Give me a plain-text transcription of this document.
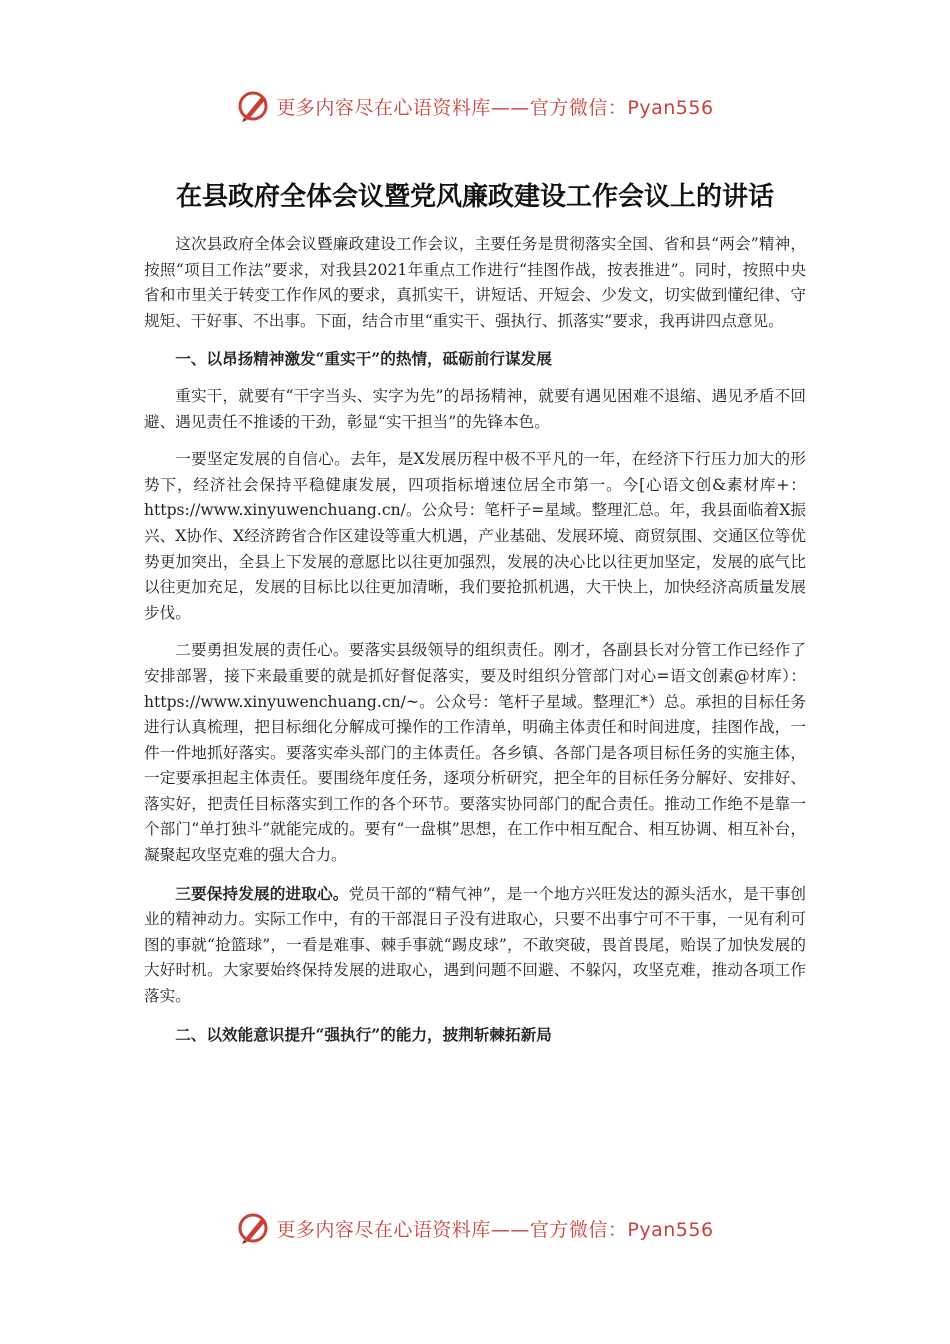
更多内容尽在心语资料库——官方微信：Pyan556
在县政府全体会议暨党风廉政建设工作会议上的讲话

这次县政府全体会议暨廉政建设工作会议，主要任务是贯彻落实全国、省和县“两会”精神，按照“项目工作法”要求，对我县2021年重点工作进行“挂图作战，按表推进”。同时，按照中央省和市里关于转变工作作风的要求，真抓实干，讲短话、开短会、少发文，切实做到懂纪律、守规矩、干好事、不出事。下面，结合市里“重实干、强执行、抓落实”要求，我再讲四点意见。

一、以昂扬精神激发“重实干”的热情，砥砺前行谋发展

重实干，就要有“干字当头、实字为先”的昂扬精神，就要有遇见困难不退缩、遇见矛盾不回避、遇见责任不推诿的干劲，彰显“实干担当”的先锋本色。

一要坚定发展的自信心。去年，是X发展历程中极不平凡的一年，在经济下行压力加大的形势下，经济社会保持平稳健康发展，四项指标增速位居全市第一。今[心语文创&素材库+：https://www.xinyuwenchuang.cn/。公众号：笔杆子=星域。整理汇总。年，我县面临着X振兴、X协作、X经济跨省合作区建设等重大机遇，产业基础、发展环境、商贸氛围、交通区位等优势更加突出，全县上下发展的意愿比以往更加强烈，发展的决心比以往更加坚定，发展的底气比以往更加充足，发展的目标比以往更加清晰，我们要抢抓机遇，大干快上，加快经济高质量发展步伐。

二要勇担发展的责任心。要落实县级领导的组织责任。刚才，各副县长对分管工作已经作了安排部署，接下来最重要的就是抓好督促落实，要及时组织分管部门对心=语文创素@材库）：https://www.xinyuwenchuang.cn/~。公众号：笔杆子星域。整理汇*）总。承担的目标任务进行认真梳理，把目标细化分解成可操作的工作清单，明确主体责任和时间进度，挂图作战，一件一件地抓好落实。要落实牵头部门的主体责任。各乡镇、各部门是各项目标任务的实施主体，一定要承担起主体责任。要围绕年度任务，逐项分析研究，把全年的目标任务分解好、安排好、落实好，把责任目标落实到工作的各个环节。要落实协同部门的配合责任。推动工作绝不是靠一个部门“单打独斗”就能完成的。要有“一盘棋”思想，在工作中相互配合、相互协调、相互补台，凝聚起攻坚克难的强大合力。

三要保持发展的进取心。党员干部的“精气神”，是一个地方兴旺发达的源头活水，是干事创业的精神动力。实际工作中，有的干部混日子没有进取心，只要不出事宁可不干事，一见有利可图的事就“抢篮球”，一看是难事、棘手事就“踢皮球”，不敢突破，畏首畏尾，贻误了加快发展的大好时机。大家要始终保持发展的进取心，遇到问题不回避、不躲闪，攻坚克难，推动各项工作落实。

二、以效能意识提升“强执行”的能力，披荆斩棘拓新局

更多内容尽在心语资料库——官方微信：Pyan556
